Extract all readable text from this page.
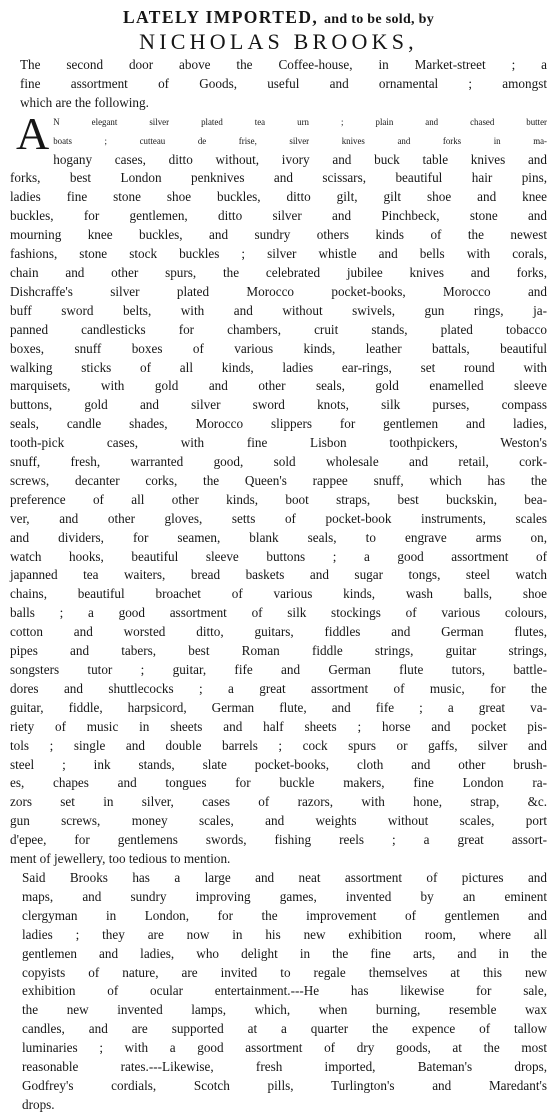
LATELY IMPORTED, and to be sold, by
NICHOLAS BROOKS,
The second door above the Coffee-house, in Market-street ; a
fine assortment of Goods, useful and ornamental ; amongst
which are the following.
A N elegant silver plated tea urn ; plain and chased butter
boats ; cutteau de frise, silver knives and forks in ma-
hogany cases, ditto without, ivory and buck table knives and
forks, best London penknives and scissars, beautiful hair pins,
ladies fine stone shoe buckles, ditto gilt, gilt shoe and knee
buckles, for gentlemen, ditto silver and Pinchbeck, stone and
mourning knee buckles, and sundry others kinds of the newest
fashions, stone stock buckles ; silver whistle and bells with corals,
chain and other spurs, the celebrated jubilee knives and forks,
Dishcraffe's silver plated Morocco pocket-books, Morocco and
buff sword belts, with and without swivels, gun rings, ja-
panned candlesticks for chambers, cruit stands, plated tobacco
boxes, snuff boxes of various kinds, leather battals, beautiful
walking sticks of all kinds, ladies ear-rings, set round with
marquisets, with gold and other seals, gold enamelled sleeve
buttons, gold and silver sword knots, silk purses, compass
seals, candle shades, Morocco slippers for gentlemen and ladies,
tooth-pick cases, with fine Lisbon toothpickers, Weston's
snuff, fresh, warranted good, sold wholesale and retail, cork-
screws, decanter corks, the Queen's rappee snuff, which has the
preference of all other kinds, boot straps, best buckskin, bea-
ver, and other gloves, setts of pocket-book instruments, scales
and dividers, for seamen, blank seals, to engrave arms on,
watch hooks, beautiful sleeve buttons ; a good assortment of
japanned tea waiters, bread baskets and sugar tongs, steel watch
chains, beautiful broachet of various kinds, wash balls, shoe
balls ; a good assortment of silk stockings of various colours,
cotton and worsted ditto, guitars, fiddles and German flutes,
pipes and tabers, best Roman fiddle strings, guitar strings,
songsters tutor ; guitar, fife and German flute tutors, battle-
dores and shuttlecocks ; a great assortment of music, for the
guitar, fiddle, harpsicord, German flute, and fife ; a great va-
riety of music in sheets and half sheets ; horse and pocket pis-
tols ; single and double barrels ; cock spurs or gaffs, silver and
steel ; ink stands, slate pocket-books, cloth and other brush-
es, chapes and tongues for buckle makers, fine London ra-
zors set in silver, cases of razors, with hone, strap, &c.
gun screws, money scales, and weights without scales, port
d'epee, for gentlemens swords, fishing reels ; a great assort-
ment of jewellery, too tedious to mention.
Said Brooks has a large and neat assortment of pictures and
maps, and sundry improving games, invented by an eminent
clergyman in London, for the improvement of gentlemen and
ladies ; they are now in his new exhibition room, where all
gentlemen and ladies, who delight in the fine arts, and in the
copyists of nature, are invited to regale themselves at this new
exhibition of ocular entertainment.---He has likewise for sale,
the new invented lamps, which, when burning, resemble wax
candles, and are supported at a quarter the expence of tallow
luminaries ; with a good assortment of dry goods, at the most
reasonable rates.---Likewise, fresh imported, Bateman's drops,
Godfrey's cordials, Scotch pills, Turlington's and Maredant's
drops.
